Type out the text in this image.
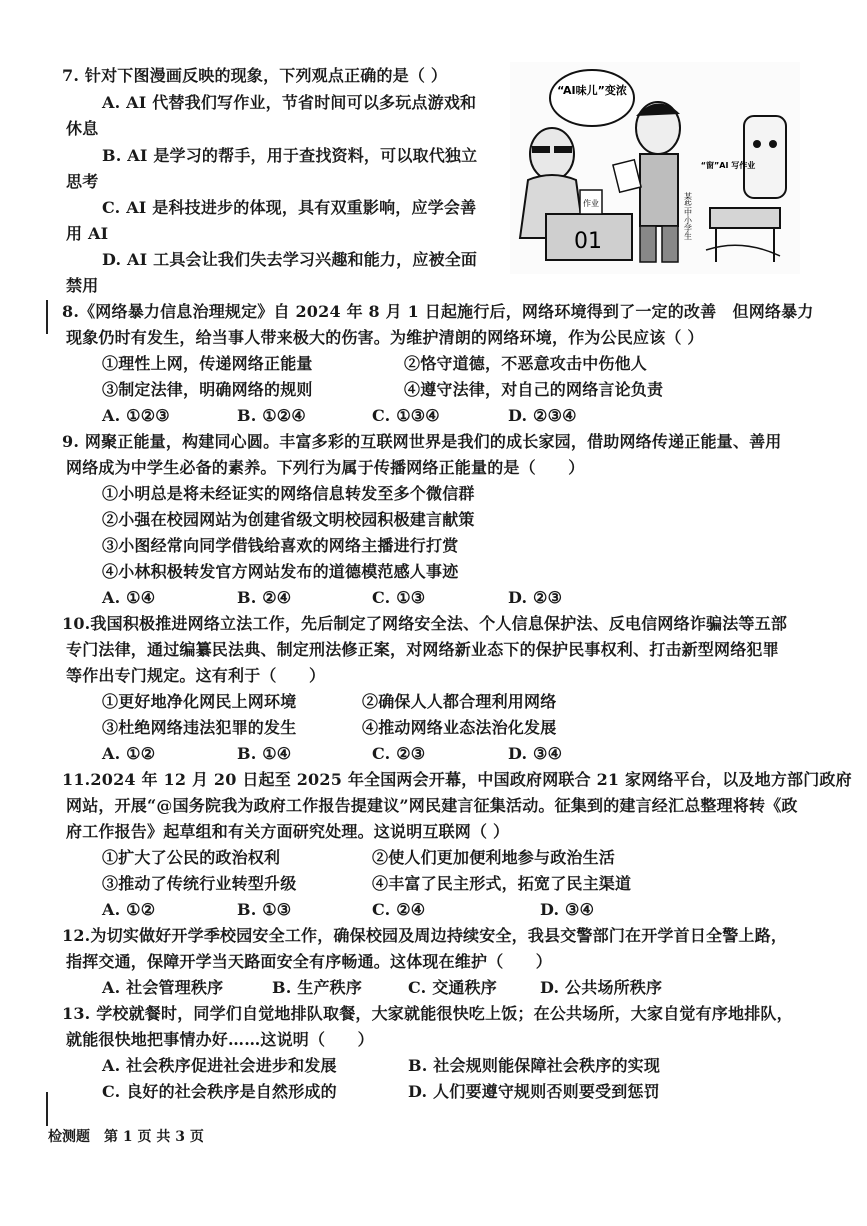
7. 针对下图漫画反映的现象，下列观点正确的是（ ）
A. AI 代替我们写作业，节省时间可以多玩点游戏和
休息
B. AI 是学习的帮手，用于查找资料，可以取代独立
思考
C. AI 是科技进步的体现，具有双重影响，应学会善
用 AI
D. AI 工具会让我们失去学习兴趣和能力，应被全面
禁用
“AI味儿”变浓
01
作业	某些中小学生
“窗”AI 写作业
8.《网络暴力信息治理规定》自 2024 年 8 月 1 日起施行后，网络环境得到了一定的改善　但网络暴力
现象仍时有发生，给当事人带来极大的伤害。为维护清朗的网络环境，作为公民应该（ ）
①理性上网，传递网络正能量	②恪守道德，不恶意攻击中伤他人
③制定法律，明确网络的规则	④遵守法律，对自己的网络言论负责
A. ①②③	B. ①②④	C. ①③④	D. ②③④
9. 网聚正能量，构建同心圆。丰富多彩的互联网世界是我们的成长家园，借助网络传递正能量、善用
网络成为中学生必备的素养。下列行为属于传播网络正能量的是（　　）
①小明总是将未经证实的网络信息转发至多个微信群
②小强在校园网站为创建省级文明校园积极建言献策
③小图经常向同学借钱给喜欢的网络主播进行打赏
④小林积极转发官方网站发布的道德模范感人事迹
A. ①④	B. ②④	C. ①③	D. ②③
10.我国积极推进网络立法工作，先后制定了网络安全法、个人信息保护法、反电信网络诈骗法等五部
专门法律，通过编纂民法典、制定刑法修正案，对网络新业态下的保护民事权利、打击新型网络犯罪
等作出专门规定。这有利于（　　）
①更好地净化网民上网环境	②确保人人都合理利用网络
③杜绝网络违法犯罪的发生	④推动网络业态法治化发展
A. ①②	B. ①④	C. ②③	D. ③④
11.2024 年 12 月 20 日起至 2025 年全国两会开幕，中国政府网联合 21 家网络平台，以及地方部门政府
网站，开展“@国务院我为政府工作报告提建议”网民建言征集活动。征集到的建言经汇总整理将转《政
府工作报告》起草组和有关方面研究处理。这说明互联网（ ）
①扩大了公民的政治权利	②使人们更加便利地参与政治生活
③推动了传统行业转型升级	④丰富了民主形式，拓宽了民主渠道
A. ①②	B. ①③	C. ②④	D. ③④
12.为切实做好开学季校园安全工作，确保校园及周边持续安全，我县交警部门在开学首日全警上路，
指挥交通，保障开学当天路面安全有序畅通。这体现在维护（　　）
A. 社会管理秩序	B. 生产秩序	C. 交通秩序	D. 公共场所秩序
13. 学校就餐时，同学们自觉地排队取餐，大家就能很快吃上饭；在公共场所，大家自觉有序地排队，
就能很快地把事情办好……这说明（　　）
A. 社会秩序促进社会进步和发展	B. 社会规则能保障社会秩序的实现
C. 良好的社会秩序是自然形成的	D. 人们要遵守规则否则要受到惩罚
检测题　第 1 页 共 3 页
